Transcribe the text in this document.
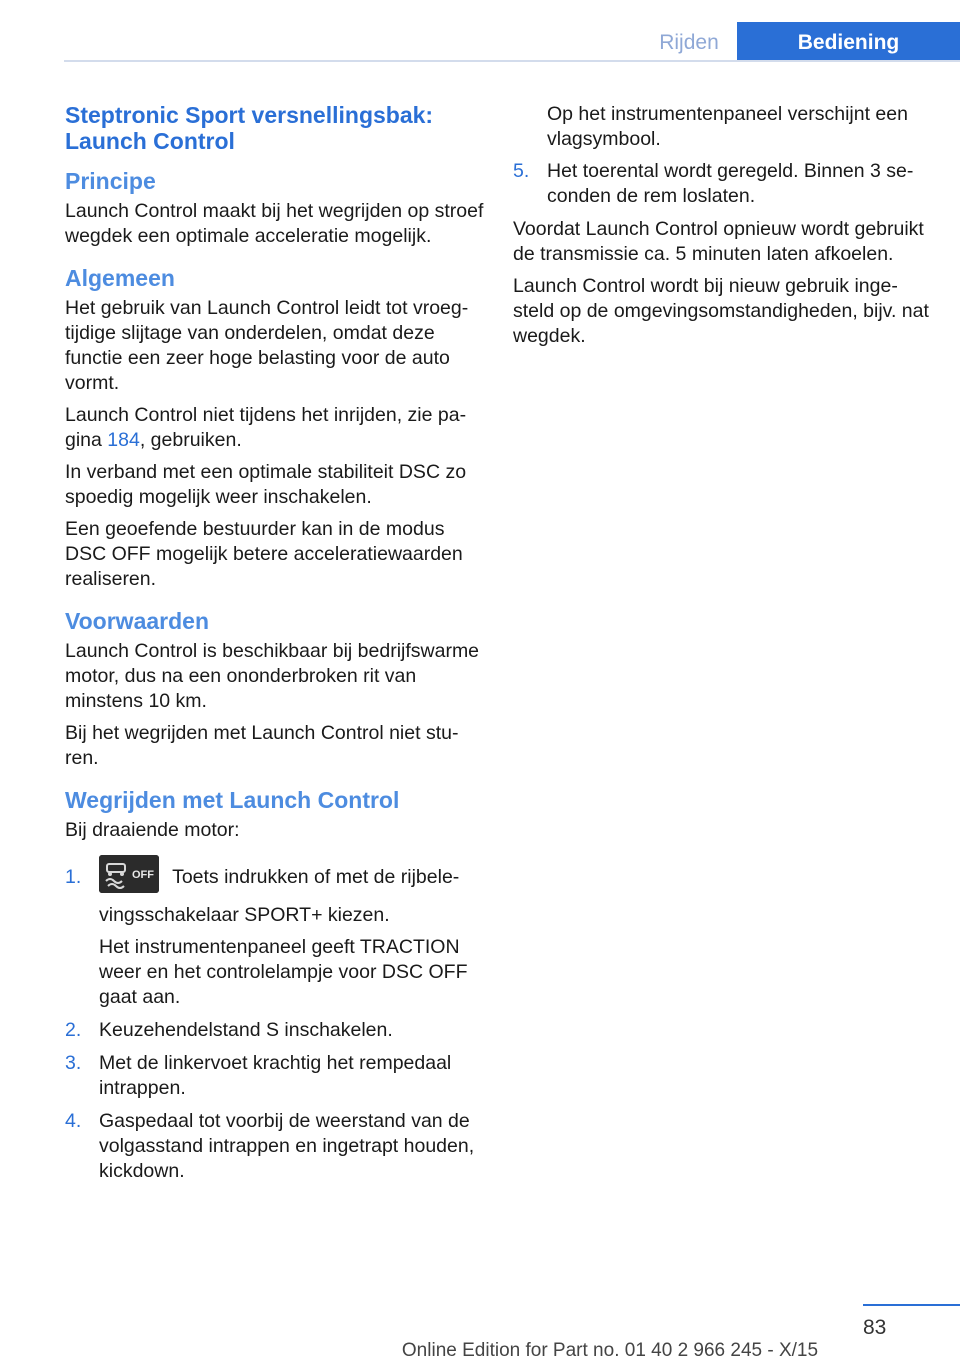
Rijden	Bediening
Steptronic Sport versnellingsbak: Launch Control
Principe

Launch Control maakt bij het wegrijden op stroef wegdek een optimale acceleratie mogelijk.

Algemeen

Het gebruik van Launch Control leidt tot vroegtijdige slijtage van onderdelen, omdat deze functie een zeer hoge belasting voor de auto vormt.

Launch Control niet tijdens het inrijden, zie pagina 184, gebruiken.

In verband met een optimale stabiliteit DSC zo spoedig mogelijk weer inschakelen.

Een geoefende bestuurder kan in de modus DSC OFF mogelijk betere acceleratiewaarden realiseren.

Voorwaarden

Launch Control is beschikbaar bij bedrijfswarme motor, dus na een ononderbroken rit van minstens 10 km.

Bij het wegrijden met Launch Control niet sturen.

Wegrijden met Launch Control

Bij draaiende motor:

1.	OFF Toets indrukken of met de rijbelevingsschakelaar SPORT+ kiezen.

Het instrumentenpaneel geeft TRACTION weer en het controlelampje voor DSC OFF gaat aan.

2. Keuzehendelstand S inschakelen.
3. Met de linkervoet krachtig het rempedaal intrappen.
4. Gaspedaal tot voorbij de weerstand van de volgasstand intrappen en ingetrapt houden, kickdown.

Op het instrumentenpaneel verschijnt een vlagsymbool.

5. Het toerental wordt geregeld. Binnen 3 seconden de rem loslaten.

Voordat Launch Control opnieuw wordt gebruikt de transmissie ca. 5 minuten laten afkoelen.

Launch Control wordt bij nieuw gebruik ingesteld op de omgevingsomstandigheden, bijv. nat wegdek.

83
Online Edition for Part no. 01 40 2 966 245 - X/15
